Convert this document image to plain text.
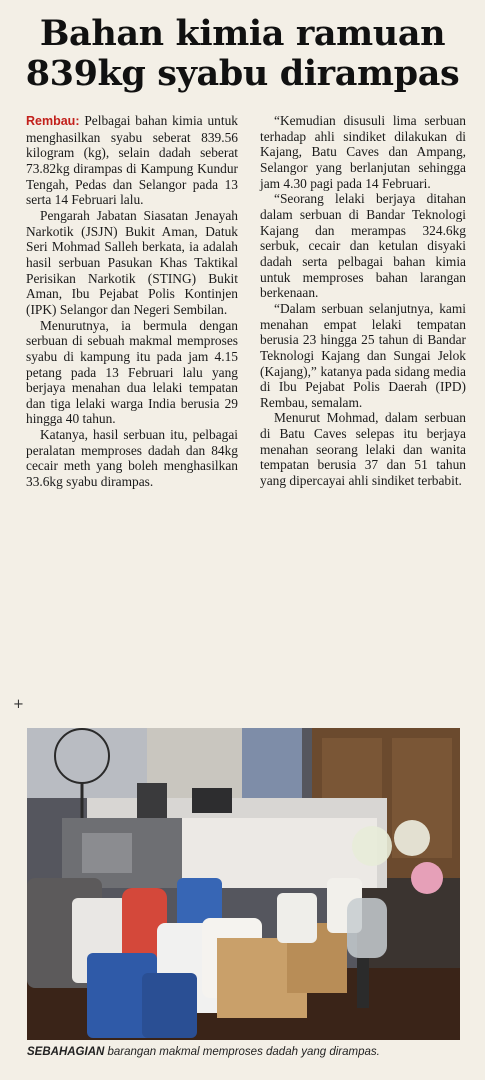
Bahan kimia ramuan
839kg syabu dirampas

Rembau: Pelbagai bahan kimia untuk menghasilkan syabu seberat 839.56 kilogram (kg), selain dadah seberat 73.82kg dirampas di Kampung Kundur Tengah, Pedas dan Selangor pada 13 serta 14 Februari lalu.

Pengarah Jabatan Siasatan Jenayah Narkotik (JSJN) Bukit Aman, Datuk Seri Mohmad Salleh berkata, ia adalah hasil serbuan Pasukan Khas Taktikal Perisikan Narkotik (STING) Bukit Aman, Ibu Pejabat Polis Kontinjen (IPK) Selangor dan Negeri Sembilan.

Menurutnya, ia bermula dengan serbuan di sebuah makmal memproses syabu di kampung itu pada jam 4.15 petang pada 13 Februari lalu yang berjaya menahan dua lelaki tempatan dan tiga lelaki warga India berusia 29 hingga 40 tahun.

Katanya, hasil serbuan itu, pelbagai peralatan memproses dadah dan 84kg cecair meth yang boleh menghasilkan 33.6kg syabu dirampas.

“Kemudian disusuli lima serbuan terhadap ahli sindiket dilakukan di Kajang, Batu Caves dan Ampang, Selangor yang berlanjutan sehingga jam 4.30 pagi pada 14 Februari.

“Seorang lelaki berjaya ditahan dalam serbuan di Bandar Teknologi Kajang dan merampas 324.6kg serbuk, cecair dan ketulan disyaki dadah serta pelbagai bahan kimia untuk memproses bahan larangan berkenaan.

“Dalam serbuan selanjutnya, kami menahan empat lelaki tempatan berusia 23 hingga 25 tahun di Bandar Teknologi Kajang dan Sungai Jelok (Kajang),” katanya pada sidang media di Ibu Pejabat Polis Daerah (IPD) Rembau, semalam.

Menurut Mohmad, dalam serbuan di Batu Caves selepas itu berjaya menahan seorang lelaki dan wanita tempatan berusia 37 dan 51 tahun yang dipercayai ahli sindiket terbabit.

+
SEBAHAGIAN barangan makmal memproses dadah yang dirampas.
